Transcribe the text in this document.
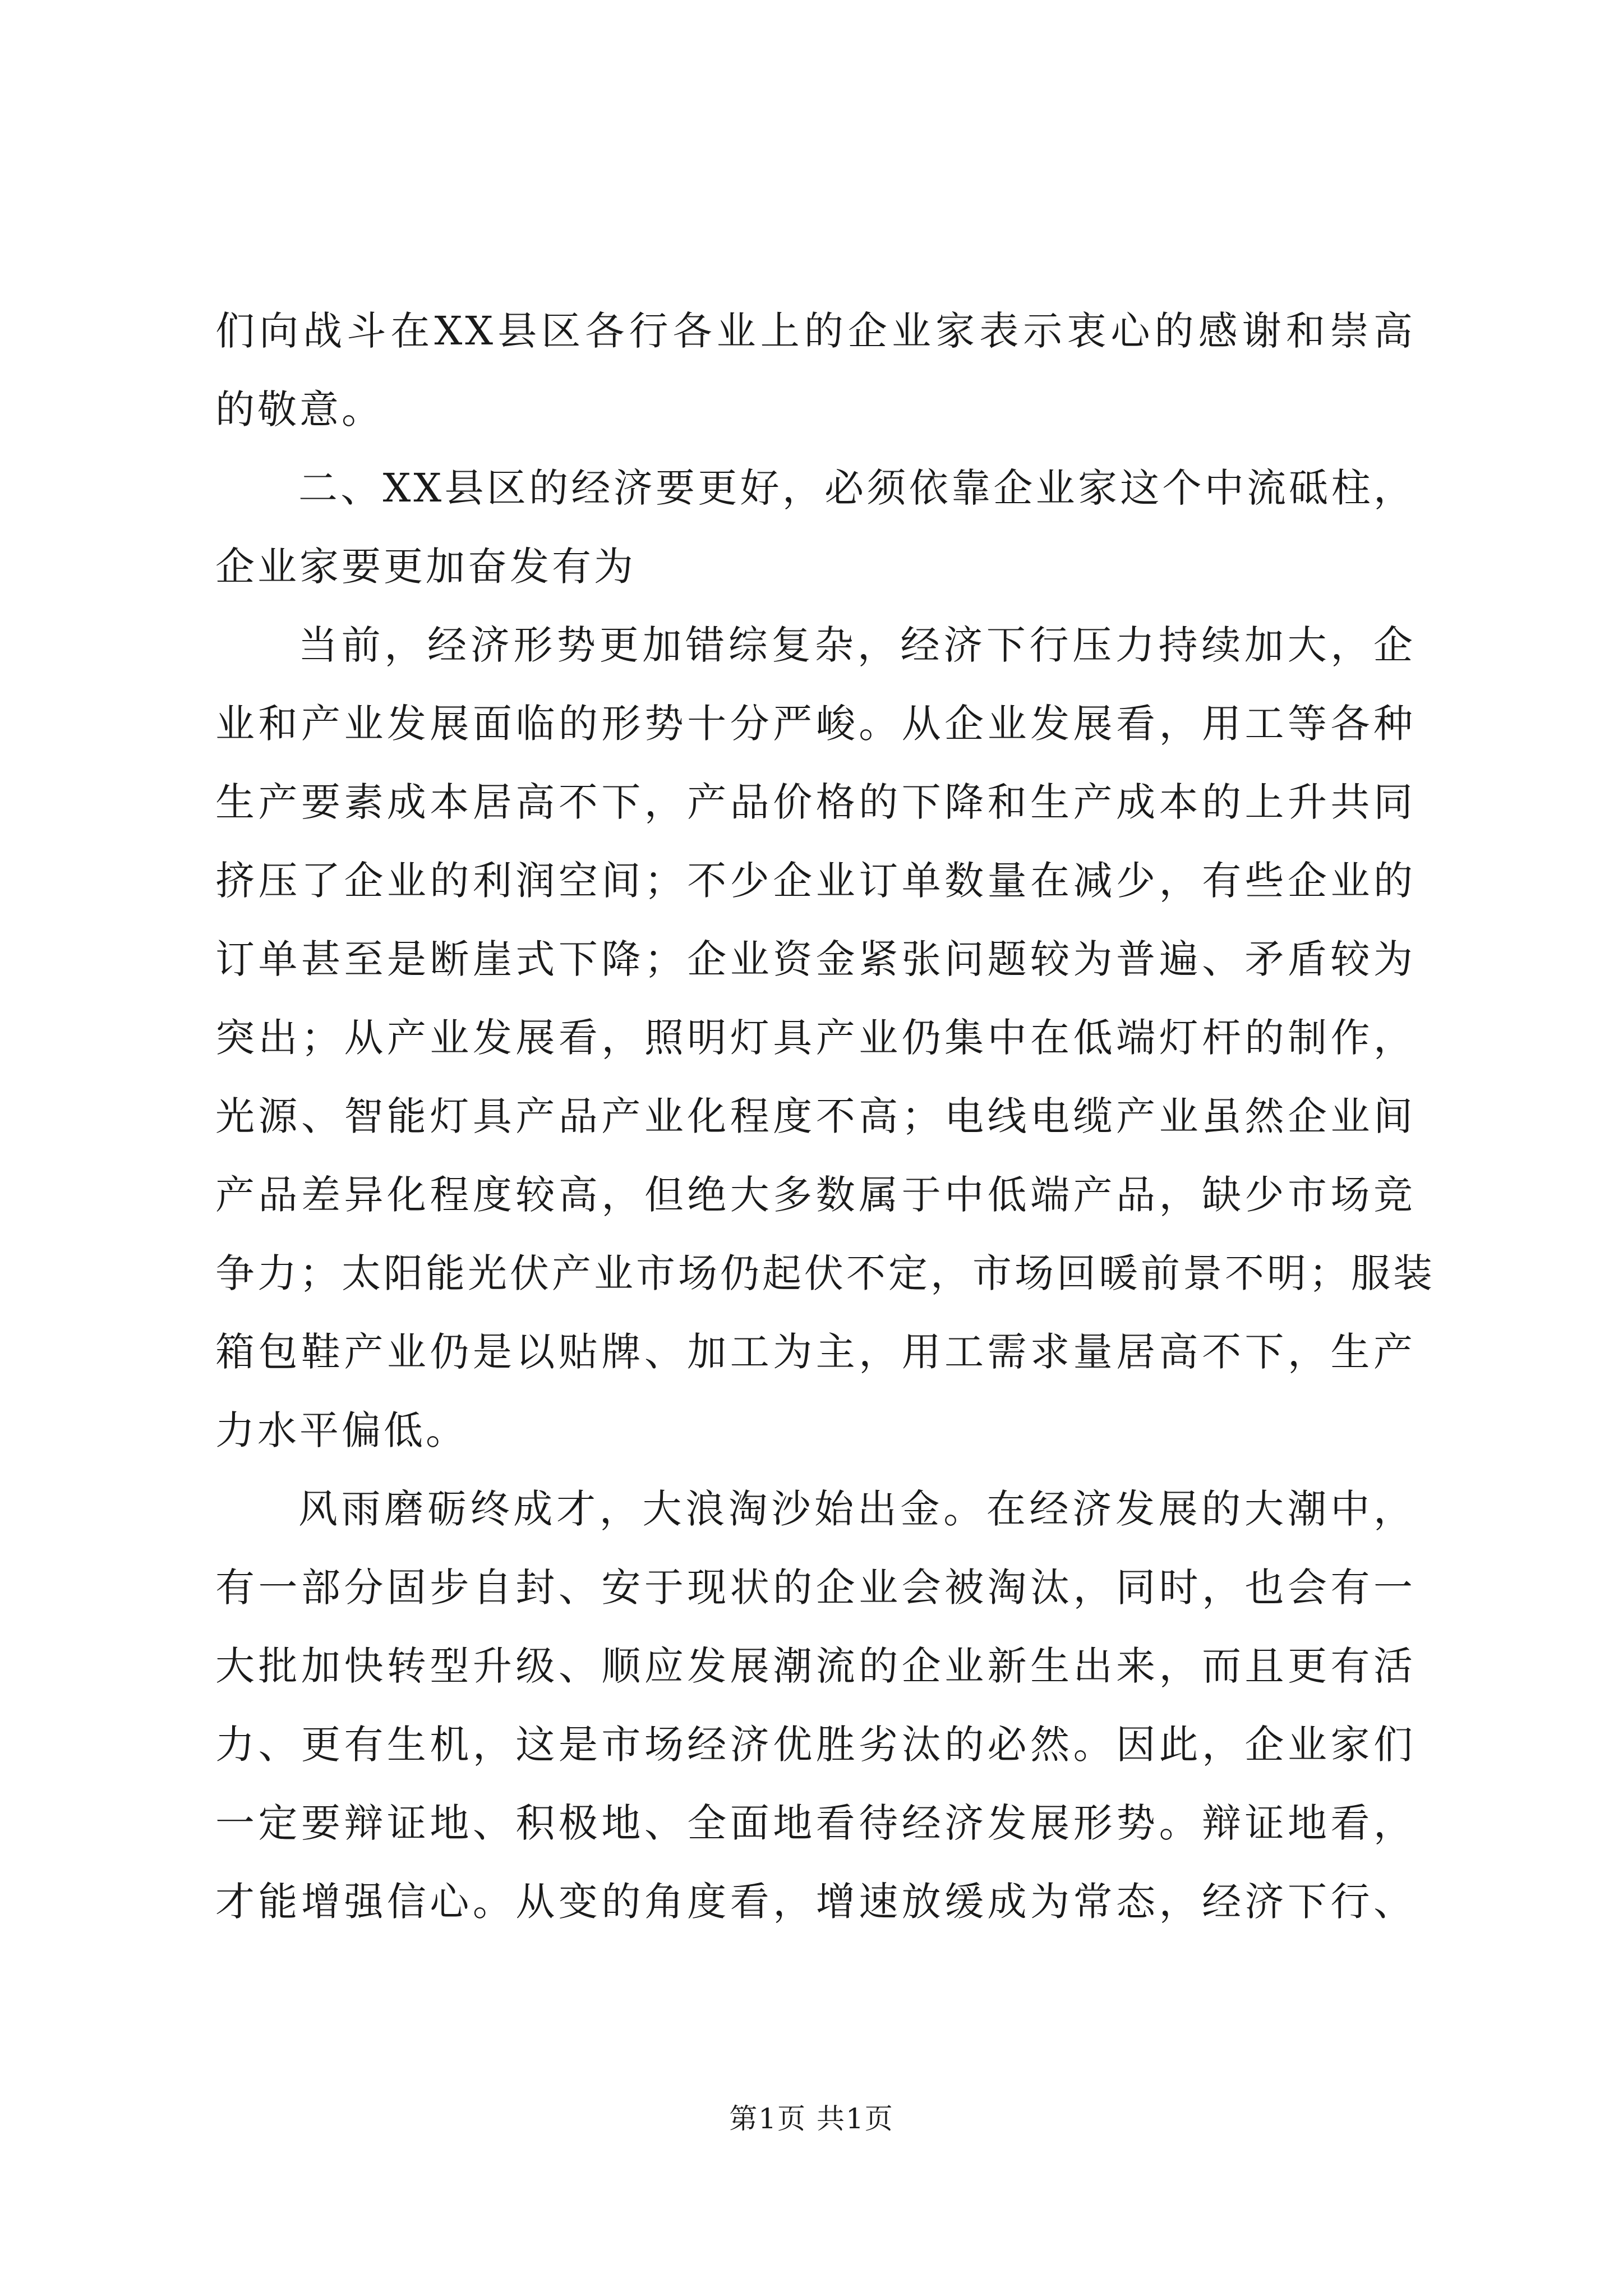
们向战斗在XX县区各行各业上的企业家表示衷心的感谢和崇高
的敬意。
二、XX县区的经济要更好，必须依靠企业家这个中流砥柱，
企业家要更加奋发有为
当前，经济形势更加错综复杂，经济下行压力持续加大，企
业和产业发展面临的形势十分严峻。从企业发展看，用工等各种
生产要素成本居高不下，产品价格的下降和生产成本的上升共同
挤压了企业的利润空间；不少企业订单数量在减少，有些企业的
订单甚至是断崖式下降；企业资金紧张问题较为普遍、矛盾较为
突出；从产业发展看，照明灯具产业仍集中在低端灯杆的制作，
光源、智能灯具产品产业化程度不高；电线电缆产业虽然企业间
产品差异化程度较高，但绝大多数属于中低端产品，缺少市场竞
争力；太阳能光伏产业市场仍起伏不定，市场回暖前景不明；服装
箱包鞋产业仍是以贴牌、加工为主，用工需求量居高不下，生产
力水平偏低。
风雨磨砺终成才，大浪淘沙始出金。在经济发展的大潮中，
有一部分固步自封、安于现状的企业会被淘汰，同时，也会有一
大批加快转型升级、顺应发展潮流的企业新生出来，而且更有活
力、更有生机，这是市场经济优胜劣汰的必然。因此，企业家们
一定要辩证地、积极地、全面地看待经济发展形势。辩证地看，
才能增强信心。从变的角度看，增速放缓成为常态，经济下行、
第1页 共1页
